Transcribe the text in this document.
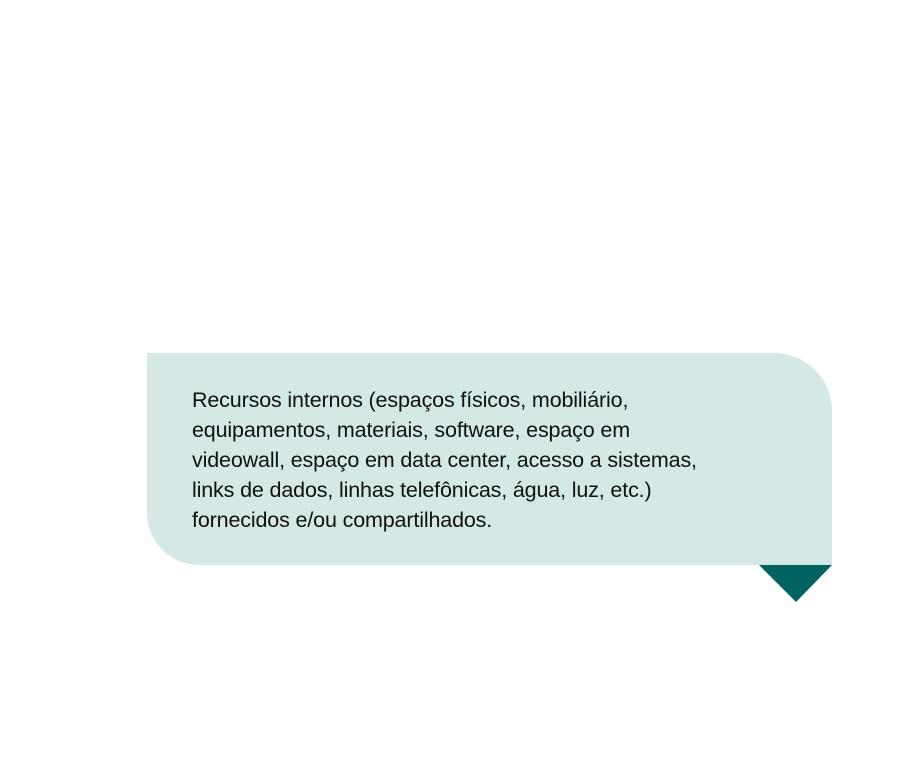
Recursos internos (espaços físicos, mobiliário,
equipamentos, materiais, software, espaço em
videowall, espaço em data center, acesso a sistemas,
links de dados, linhas telefônicas, água, luz, etc.)
fornecidos e/ou compartilhados.
